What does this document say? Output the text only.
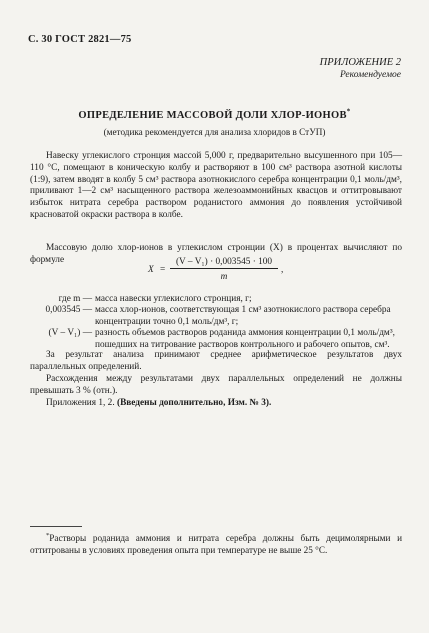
С. 30 ГОСТ 2821—75
ПРИЛОЖЕНИЕ 2
Рекомендуемое
ОПРЕДЕЛЕНИЕ МАССОВОЙ ДОЛИ ХЛОР-ИОНОВ*
(методика рекомендуется для анализа хлоридов в СтУП)
Навеску углекислого стронция массой 5,000 г, предварительно высушенного при 105—110 °С, помещают в коническую колбу и растворяют в 100 см³ раствора азотной кислоты (1:9), затем вводят в колбу 5 см³ раствора азотнокислого серебра концентрации 0,1 моль/дм³, приливают 1—2 см³ насыщенного раствора железоаммонийных квасцов и оттитровывают избыток нитрата серебра раствором роданистого аммония до появления устойчивой красноватой окраски раствора в колбе.
Массовую долю хлор-ионов в углекислом стронции (X) в процентах вычисляют по формуле
X =
(V – V₁) · 0,003545 · 100
m
,
где m — масса навески углекислого стронция, г;
0,003545 — масса хлор-ионов, соответствующая 1 см³ азотнокислого раствора серебра концентрации точно 0,1 моль/дм³, г;
(V – V₁) — разность объемов растворов роданида аммония концентрации 0,1 моль/дм³, пошедших на титрование растворов контрольного и рабочего опытов, см³.
За результат анализа принимают среднее арифметическое результатов двух параллельных определений.
Расхождения между результатами двух параллельных определений не должны превышать 3 % (отн.).
Приложения 1, 2. (Введены дополнительно, Изм. № 3).
*Растворы роданида аммония и нитрата серебра должны быть децимолярными и оттитрованы в условиях проведения опыта при температуре не выше 25 °С.
